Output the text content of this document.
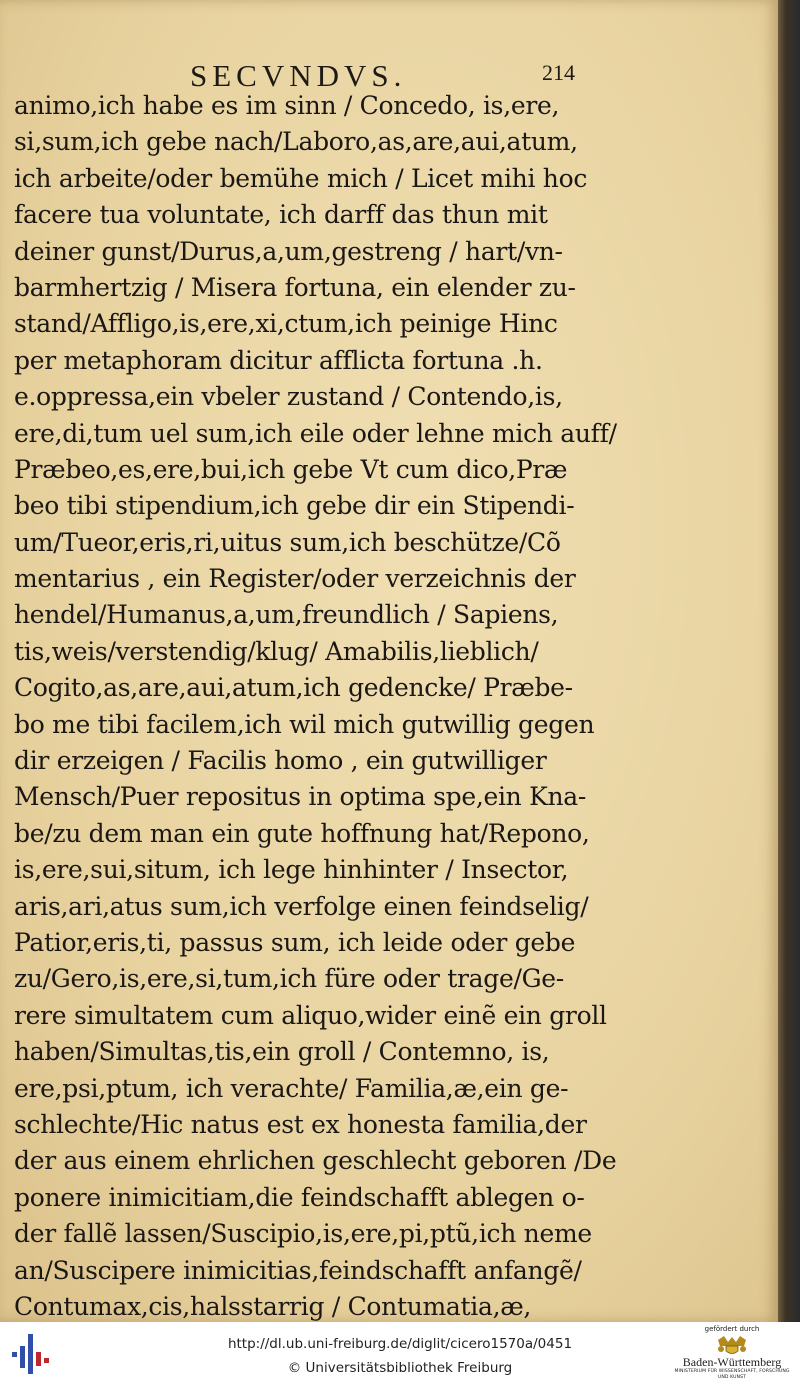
SECVNDVS.	214
animo,ich habe es im sinn / Concedo, is,ere,
si,sum,ich gebe nach/Laboro,as,are,aui,atum,
ich arbeite/oder bemühe mich / Licet mihi hoc
facere tua voluntate, ich darff das thun mit
deiner gunst/Durus,a,um,gestreng / hart/vn-
barmhertzig / Misera fortuna, ein elender zu-
stand/Affligo,is,ere,xi,ctum,ich peinige Hinc
per metaphoram dicitur afflicta fortuna .h.
e.oppressa,ein vbeler zustand / Contendo,is,
ere,di,tum uel sum,ich eile oder lehne mich auff/
Præbeo,es,ere,bui,ich gebe Vt cum dico,Præ
beo tibi stipendium,ich gebe dir ein Stipendi-
um/Tueor,eris,ri,uitus sum,ich beschütze/Cõ
mentarius , ein Register/oder verzeichnis der
hendel/Humanus,a,um,freundlich / Sapiens,
tis,weis/verstendig/klug/ Amabilis,lieblich/
Cogito,as,are,aui,atum,ich gedencke/ Præbe-
bo me tibi facilem,ich wil mich gutwillig gegen
dir erzeigen / Facilis homo , ein gutwilliger
Mensch/Puer repositus in optima spe,ein Kna-
be/zu dem man ein gute hoffnung hat/Repono,
is,ere,sui,situm, ich lege hinhinter / Insector,
aris,ari,atus sum,ich verfolge einen feindselig/
Patior,eris,ti, passus sum, ich leide oder gebe
zu/Gero,is,ere,si,tum,ich füre oder trage/Ge-
rere simultatem cum aliquo,wider einẽ ein groll
haben/Simultas,tis,ein groll / Contemno, is,
ere,psi,ptum, ich verachte/ Familia,æ,ein ge-
schlechte/Hic natus est ex honesta familia,der
der aus einem ehrlichen geschlecht geboren /De
ponere inimicitiam,die feindschafft ablegen o-
der fallẽ lassen/Suscipio,is,ere,pi,ptũ,ich neme
an/Suscipere inimicitias,feindschafft anfangẽ/
Contumax,cis,halsstarrig / Contumatia,æ,
http://dl.ub.uni-freiburg.de/diglit/cicero1570a/0451
© Universitätsbibliothek Freiburg
gefördert durch
Baden-Württemberg
MINISTERIUM FÜR WISSENSCHAFT, FORSCHUNG UND KUNST
